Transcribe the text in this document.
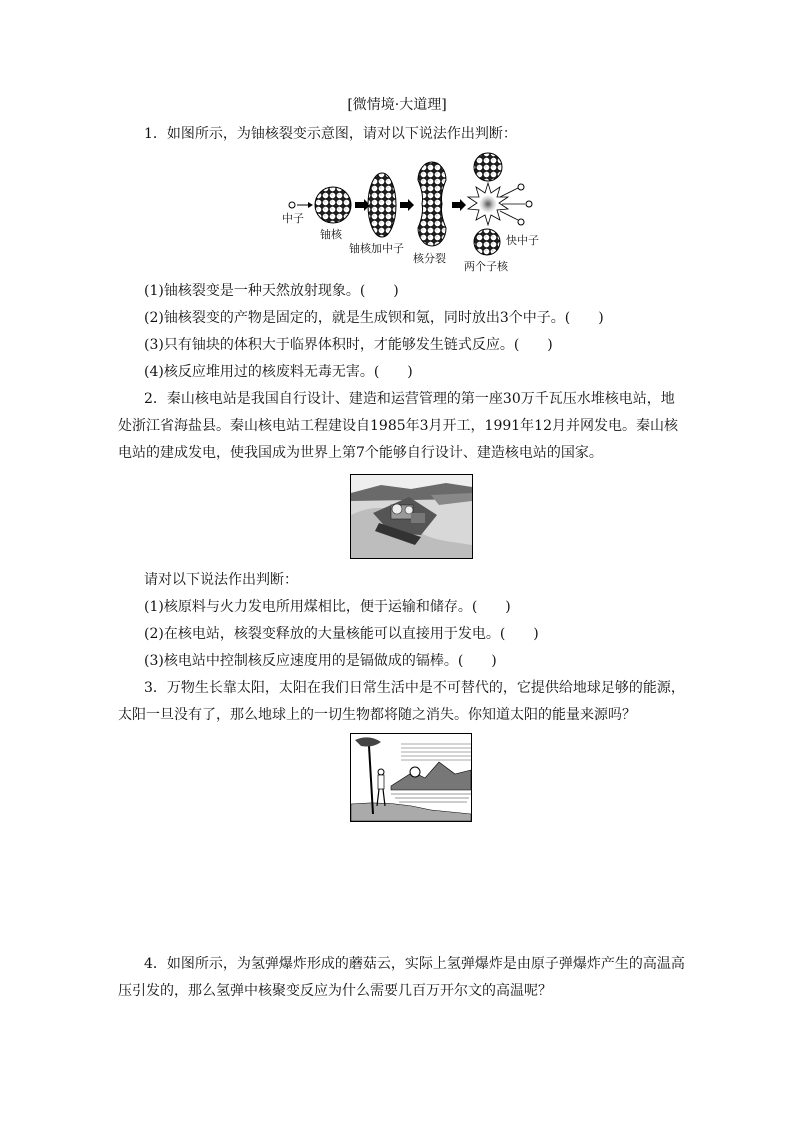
[微情境·大道理]
1．如图所示，为铀核裂变示意图，请对以下说法作出判断：
中子
铀核
铀核加中子
核分裂
快中子
两个子核
(1)铀核裂变是一种天然放射现象。(　　)
(2)铀核裂变的产物是固定的，就是生成钡和氪，同时放出3个中子。(　　)
(3)只有铀块的体积大于临界体积时，才能够发生链式反应。(　　)
(4)核反应堆用过的核废料无毒无害。(　　)
2．秦山核电站是我国自行设计、建造和运营管理的第一座30万千瓦压水堆核电站，地
处浙江省海盐县。秦山核电站工程建设自1985年3月开工，1991年12月并网发电。秦山核
电站的建成发电，使我国成为世界上第7个能够自行设计、建造核电站的国家。
请对以下说法作出判断：
(1)核原料与火力发电所用煤相比，便于运输和储存。(　　)
(2)在核电站，核裂变释放的大量核能可以直接用于发电。(　　)
(3)核电站中控制核反应速度用的是镉做成的镉棒。(　　)
3．万物生长靠太阳，太阳在我们日常生活中是不可替代的，它提供给地球足够的能源，
太阳一旦没有了，那么地球上的一切生物都将随之消失。你知道太阳的能量来源吗？
4．如图所示，为氢弹爆炸形成的蘑菇云，实际上氢弹爆炸是由原子弹爆炸产生的高温高
压引发的，那么氢弹中核聚变反应为什么需要几百万开尔文的高温呢？
